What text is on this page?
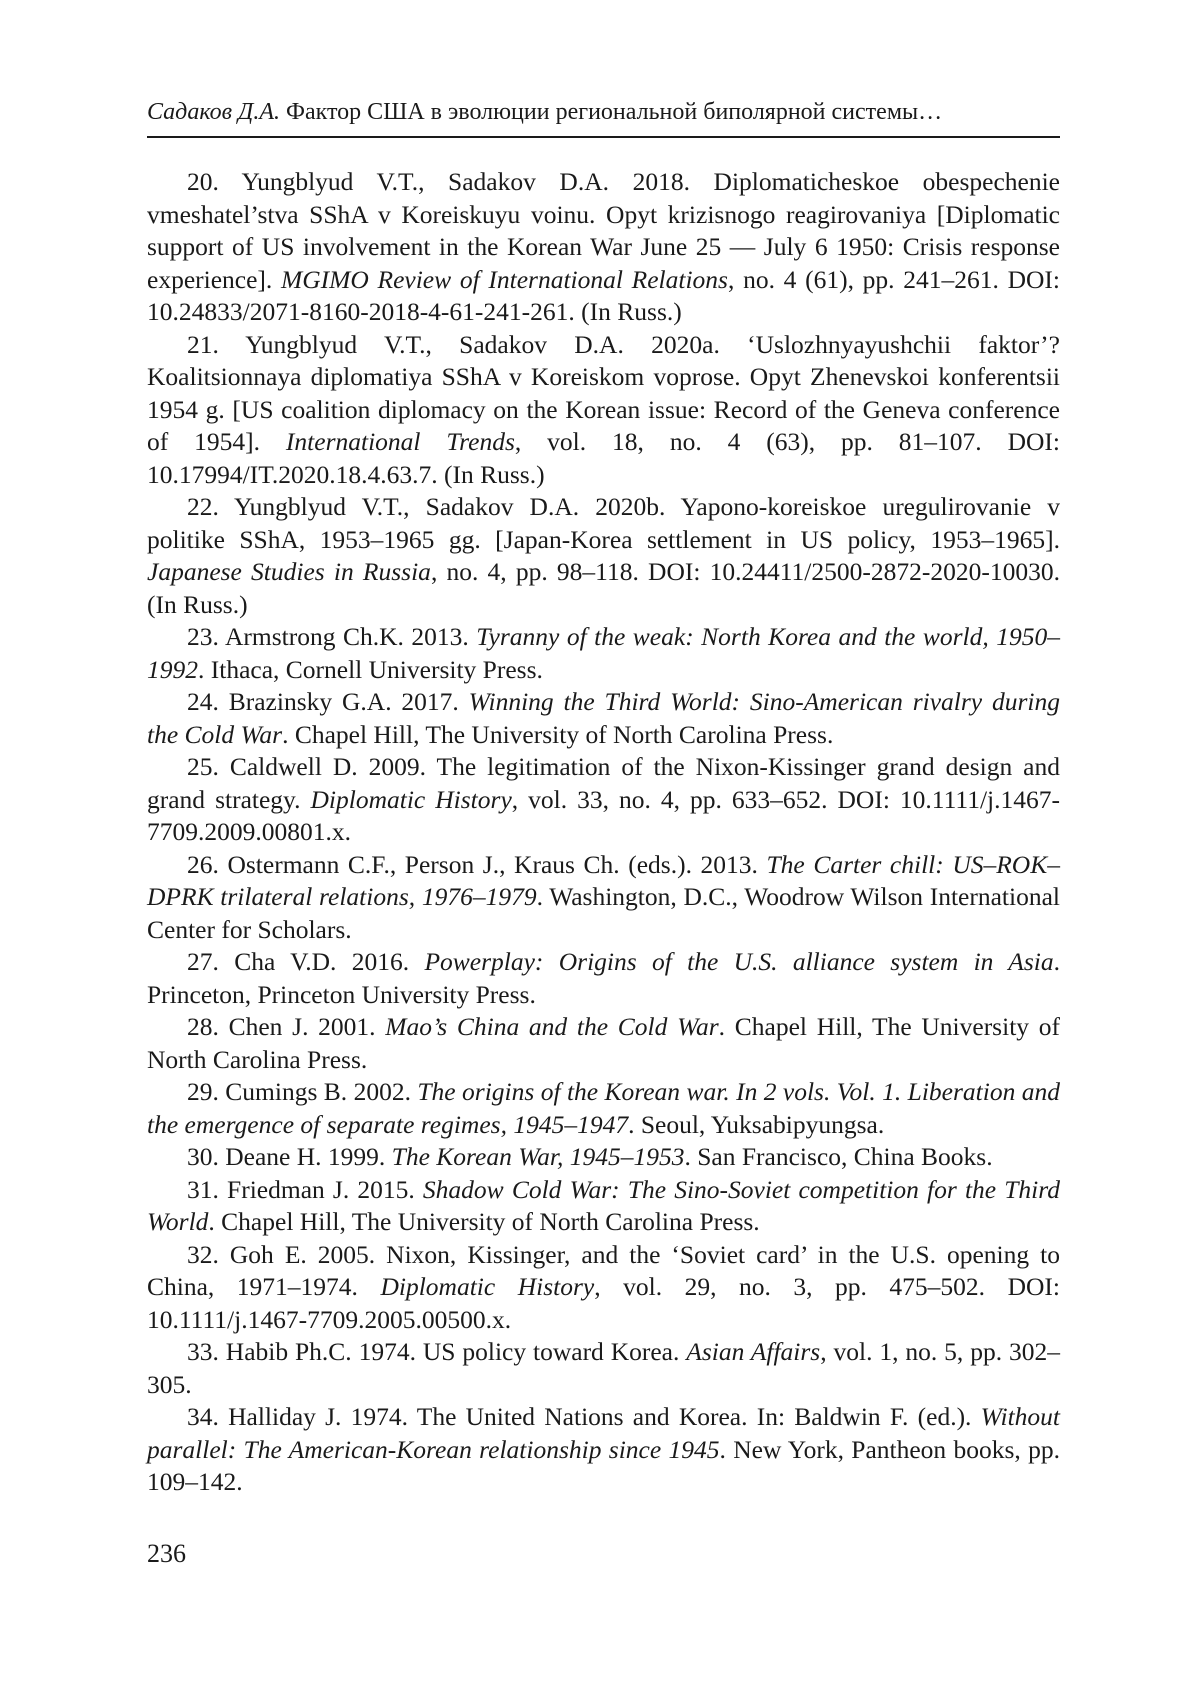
Садаков Д.А. Фактор США в эволюции региональной биполярной системы…

20. Yungblyud V.T., Sadakov D.A. 2018. Diplomaticheskoe obespechenie vmeshatel’stva SShA v Koreiskuyu voinu. Opyt krizisnogo reagirovaniya [Diplomatic support of US involvement in the Korean War June 25 — July 6 1950: Crisis response experience]. MGIMO Review of International Relations, no. 4 (61), pp. 241–261. DOI: 10.24833/2071-8160-2018-4-61-241-261. (In Russ.)

21. Yungblyud V.T., Sadakov D.A. 2020a. ‘Uslozhnyayushchii faktor’? Koalitsionnaya diplomatiya SShA v Koreiskom voprose. Opyt Zhenevskoi konferentsii 1954 g. [US coalition diplomacy on the Korean issue: Record of the Geneva conference of 1954]. International Trends, vol. 18, no. 4 (63), pp. 81–107. DOI: 10.17994/IT.2020.18.4.63.7. (In Russ.)

22. Yungblyud V.T., Sadakov D.A. 2020b. Yapono-koreiskoe uregulirovanie v politike SShA, 1953–1965 gg. [Japan-Korea settlement in US policy, 1953–1965]. Japanese Studies in Russia, no. 4, pp. 98–118. DOI: 10.24411/2500-2872-2020-10030. (In Russ.)

23. Armstrong Ch.K. 2013. Tyranny of the weak: North Korea and the world, 1950–1992. Ithaca, Cornell University Press.

24. Brazinsky G.A. 2017. Winning the Third World: Sino-American rivalry during the Cold War. Chapel Hill, The University of North Carolina Press.

25. Caldwell D. 2009. The legitimation of the Nixon-Kissinger grand design and grand strategy. Diplomatic History, vol. 33, no. 4, pp. 633–652. DOI: 10.1111/j.1467-7709.2009.00801.x.

26. Ostermann C.F., Person J., Kraus Ch. (eds.). 2013. The Carter chill: US–ROK–DPRK trilateral relations, 1976–1979. Washington, D.C., Woodrow Wilson International Center for Scholars.

27. Cha V.D. 2016. Powerplay: Origins of the U.S. alliance system in Asia. Princeton, Princeton University Press.

28. Chen J. 2001. Mao’s China and the Cold War. Chapel Hill, The University of North Carolina Press.

29. Cumings B. 2002. The origins of the Korean war. In 2 vols. Vol. 1. Liberation and the emergence of separate regimes, 1945–1947. Seoul, Yuksabipyungsa.

30. Deane H. 1999. The Korean War, 1945–1953. San Francisco, China Books.

31. Friedman J. 2015. Shadow Cold War: The Sino-Soviet competition for the Third World. Chapel Hill, The University of North Carolina Press.

32. Goh E. 2005. Nixon, Kissinger, and the ‘Soviet card’ in the U.S. opening to China, 1971–1974. Diplomatic History, vol. 29, no. 3, pp. 475–502. DOI: 10.1111/j.1467-7709.2005.00500.x.

33. Habib Ph.C. 1974. US policy toward Korea. Asian Affairs, vol. 1, no. 5, pp. 302–305.

34. Halliday J. 1974. The United Nations and Korea. In: Baldwin F. (ed.). Without parallel: The American-Korean relationship since 1945. New York, Pantheon books, pp. 109–142.

236
